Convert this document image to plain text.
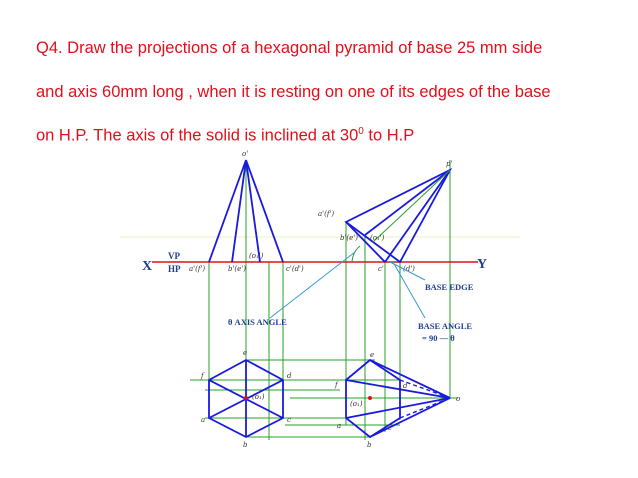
Q4. Draw the projections of a hexagonal pyramid of base 25 mm side

and axis 60mm long , when it is resting on one of its edges of the base

on H.P. The axis of the solid is inclined at $30^0$ to H.P

X	Y
VP
HP
o'
a'(f')	b'(e')
(o₁')
c'(d')
p'
a'(f')
b'(e') (o₁')
c'	(d')
e
d
f
a	c
b
(o₁)
e
d
f
a	c
b
o
(o₁)
θ AXIS ANGLE
BASE EDGE
BASE ANGLE
= 90 — θ
